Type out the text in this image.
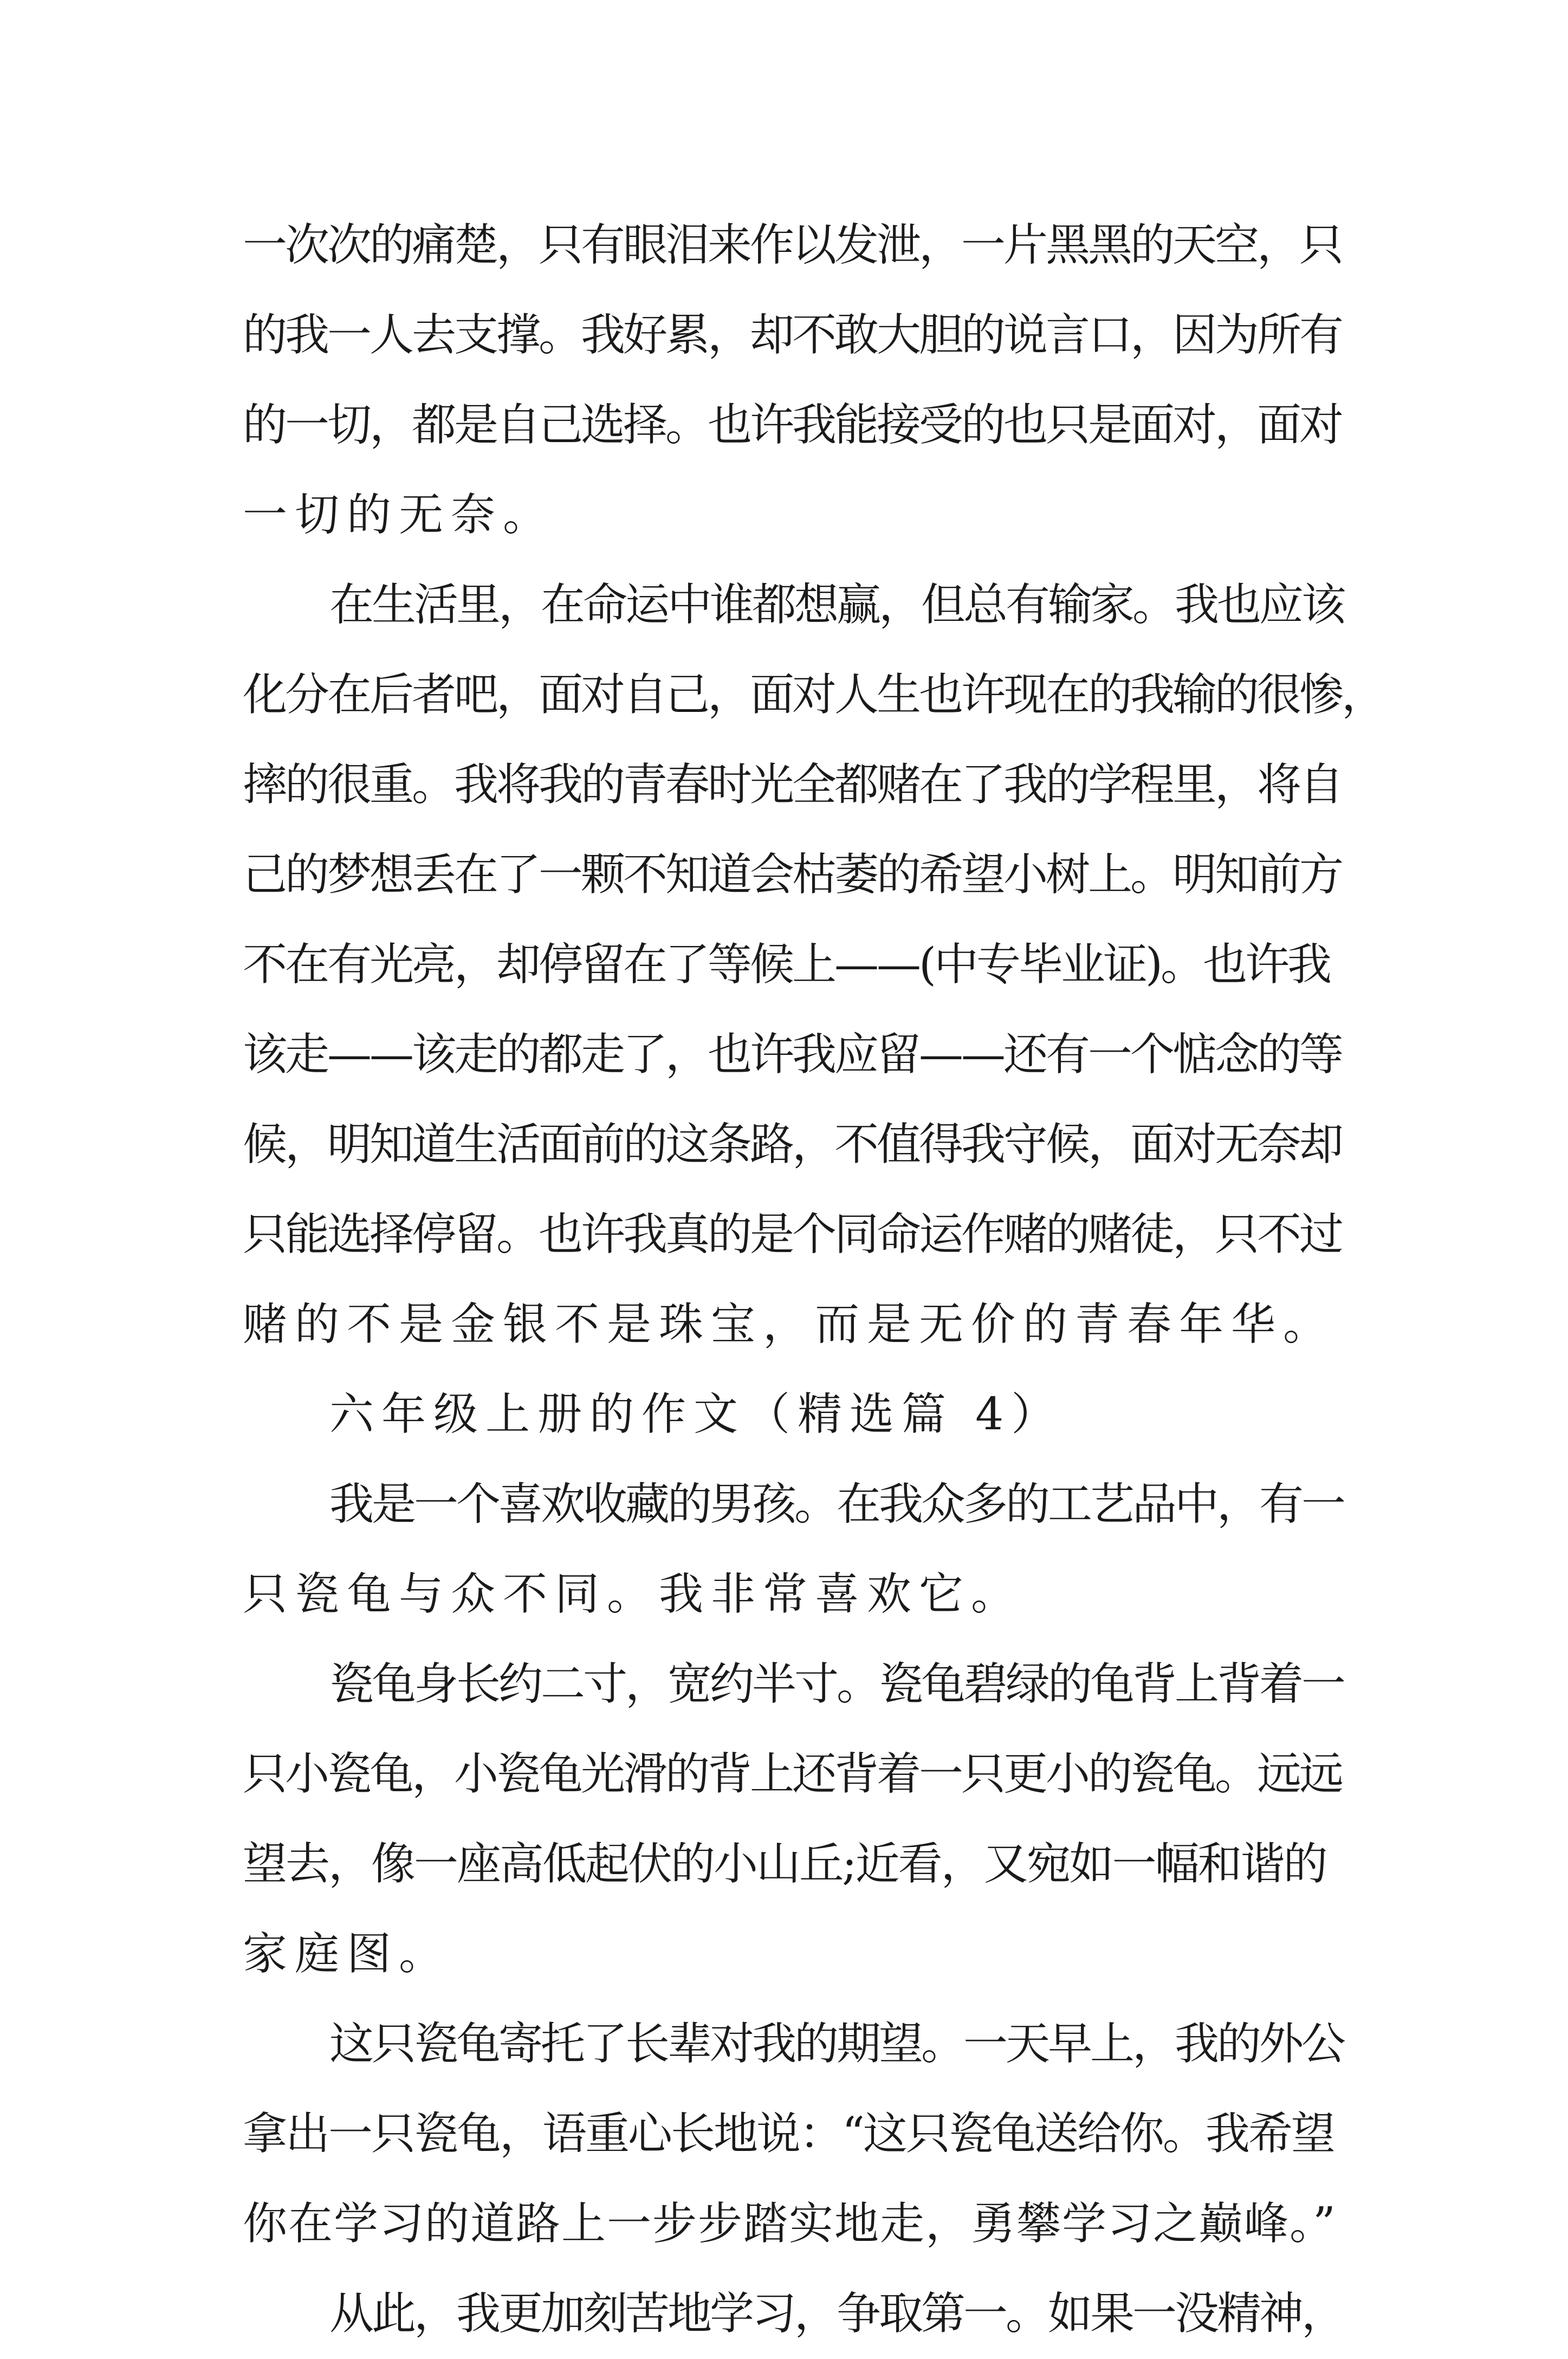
一次次的痛楚，只有眼泪来作以发泄，一片黑黑的天空，只
的我一人去支撑。我好累，却不敢大胆的说言口，因为所有
的一切，都是自己选择。也许我能接受的也只是面对，面对
一切的无奈。
在生活里，在命运中谁都想赢，但总有输家。我也应该
化分在后者吧，面对自己，面对人生也许现在的我输的很惨，
摔的很重。我将我的青春时光全都赌在了我的学程里，将自
己的梦想丢在了一颗不知道会枯萎的希望小树上。明知前方
不在有光亮，却停留在了等候上——(中专毕业证)。也许我
该走——该走的都走了，也许我应留——还有一个惦念的等
候，明知道生活面前的这条路，不值得我守候，面对无奈却
只能选择停留。也许我真的是个同命运作赌的赌徒，只不过
赌的不是金银不是珠宝，而是无价的青春年华。
六年级上册的作文（精选篇 4）
我是一个喜欢收藏的男孩。在我众多的工艺品中，有一
只瓷龟与众不同。我非常喜欢它。
瓷龟身长约二寸，宽约半寸。瓷龟碧绿的龟背上背着一
只小瓷龟，小瓷龟光滑的背上还背着一只更小的瓷龟。远远
望去，像一座高低起伏的小山丘;近看，又宛如一幅和谐的
家庭图。
这只瓷龟寄托了长辈对我的期望。一天早上，我的外公
拿出一只瓷龟，语重心长地说：“这只瓷龟送给你。我希望
你在学习的道路上一步步踏实地走，勇攀学习之巅峰。”
从此，我更加刻苦地学习，争取第一。如果一没精神，
